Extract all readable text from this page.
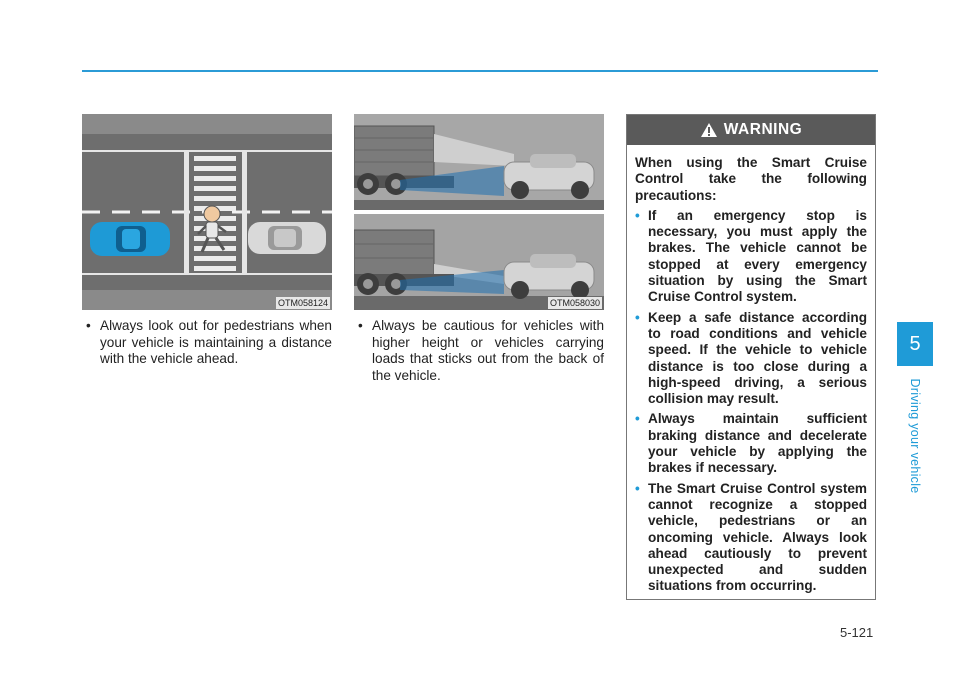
5
Driving your vehicle
OTM058124	OTM058030
• Always look out for pedestrians when your vehicle is maintaining a distance with the vehicle ahead.
• Always be cautious for vehicles with higher height or vehicles carrying loads that sticks out from the back of the vehicle.
WARNING

When using the Smart Cruise Control take the following precautions:

• If an emergency stop is necessary, you must apply the brakes. The vehicle cannot be stopped at every emergency situation by using the Smart Cruise Control system.
• Keep a safe distance according to road conditions and vehicle speed. If the vehicle to vehicle distance is too close during a high-speed driving, a serious collision may result.
• Always maintain sufficient braking distance and decelerate your vehicle by applying the brakes if necessary.
• The Smart Cruise Control system cannot recognize a stopped vehicle, pedestrians or an oncoming vehicle. Always look ahead cautiously to prevent unexpected and sudden situations from occurring.
5-121
